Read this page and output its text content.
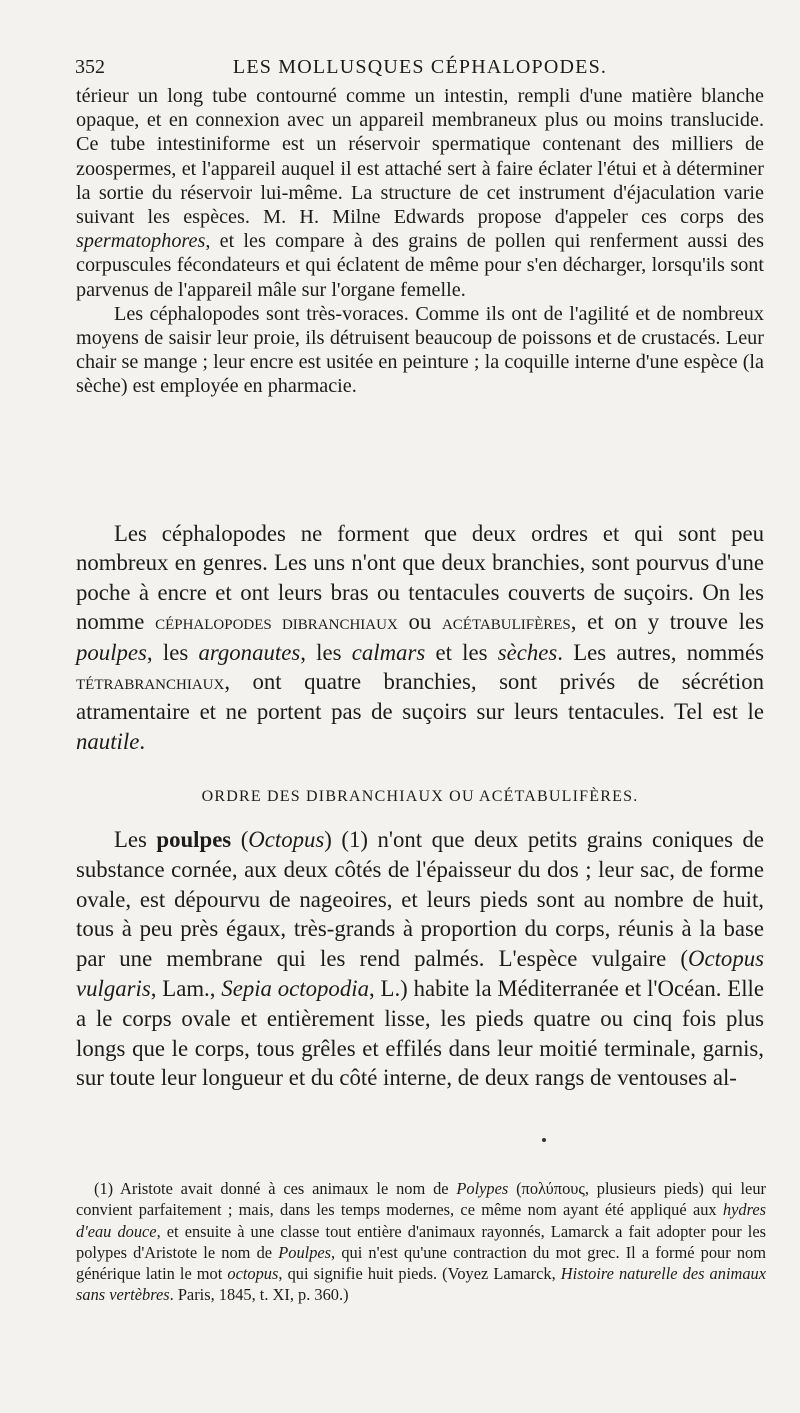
352	LES MOLLUSQUES CÉPHALOPODES.

térieur un long tube contourné comme un intestin, rempli d'une matière blanche opaque, et en connexion avec un appareil membraneux plus ou moins translucide. Ce tube intestiniforme est un réservoir spermatique contenant des milliers de zoospermes, et l'appareil auquel il est attaché sert à faire éclater l'étui et à déterminer la sortie du réservoir lui-même. La structure de cet instrument d'éjaculation varie suivant les espèces. M. H. Milne Edwards propose d'appeler ces corps des spermatophores, et les compare à des grains de pollen qui renferment aussi des corpuscules fécondateurs et qui éclatent de même pour s'en décharger, lorsqu'ils sont parvenus de l'appareil mâle sur l'organe femelle.

Les céphalopodes sont très-voraces. Comme ils ont de l'agilité et de nombreux moyens de saisir leur proie, ils détruisent beaucoup de poissons et de crustacés. Leur chair se mange ; leur encre est usitée en peinture ; la coquille interne d'une espèce (la sèche) est employée en pharmacie.

Les céphalopodes ne forment que deux ordres et qui sont peu nombreux en genres. Les uns n'ont que deux branchies, sont pourvus d'une poche à encre et ont leurs bras ou tentacules couverts de suçoirs. On les nomme céphalopodes dibranchiaux ou acétabulifères, et on y trouve les poulpes, les argonautes, les calmars et les sèches. Les autres, nommés tétrabranchiaux, ont quatre branchies, sont privés de sécrétion atramentaire et ne portent pas de suçoirs sur leurs tentacules. Tel est le nautile.

ORDRE DES DIBRANCHIAUX OU ACÉTABULIFÈRES.

Les poulpes (Octopus) (1) n'ont que deux petits grains coniques de substance cornée, aux deux côtés de l'épaisseur du dos ; leur sac, de forme ovale, est dépourvu de nageoires, et leurs pieds sont au nombre de huit, tous à peu près égaux, très-grands à proportion du corps, réunis à la base par une membrane qui les rend palmés. L'espèce vulgaire (Octopus vulgaris, Lam., Sepia octopodia, L.) habite la Méditerranée et l'Océan. Elle a le corps ovale et entièrement lisse, les pieds quatre ou cinq fois plus longs que le corps, tous grêles et effilés dans leur moitié terminale, garnis, sur toute leur longueur et du côté interne, de deux rangs de ventouses al-

(1) Aristote avait donné à ces animaux le nom de Polypes (πολύπους, plusieurs pieds) qui leur convient parfaitement ; mais, dans les temps modernes, ce même nom ayant été appliqué aux hydres d'eau douce, et ensuite à une classe tout entière d'animaux rayonnés, Lamarck a fait adopter pour les polypes d'Aristote le nom de Poulpes, qui n'est qu'une contraction du mot grec. Il a formé pour nom générique latin le mot octopus, qui signifie huit pieds. (Voyez Lamarck, Histoire naturelle des animaux sans vertèbres. Paris, 1845, t. XI, p. 360.)
